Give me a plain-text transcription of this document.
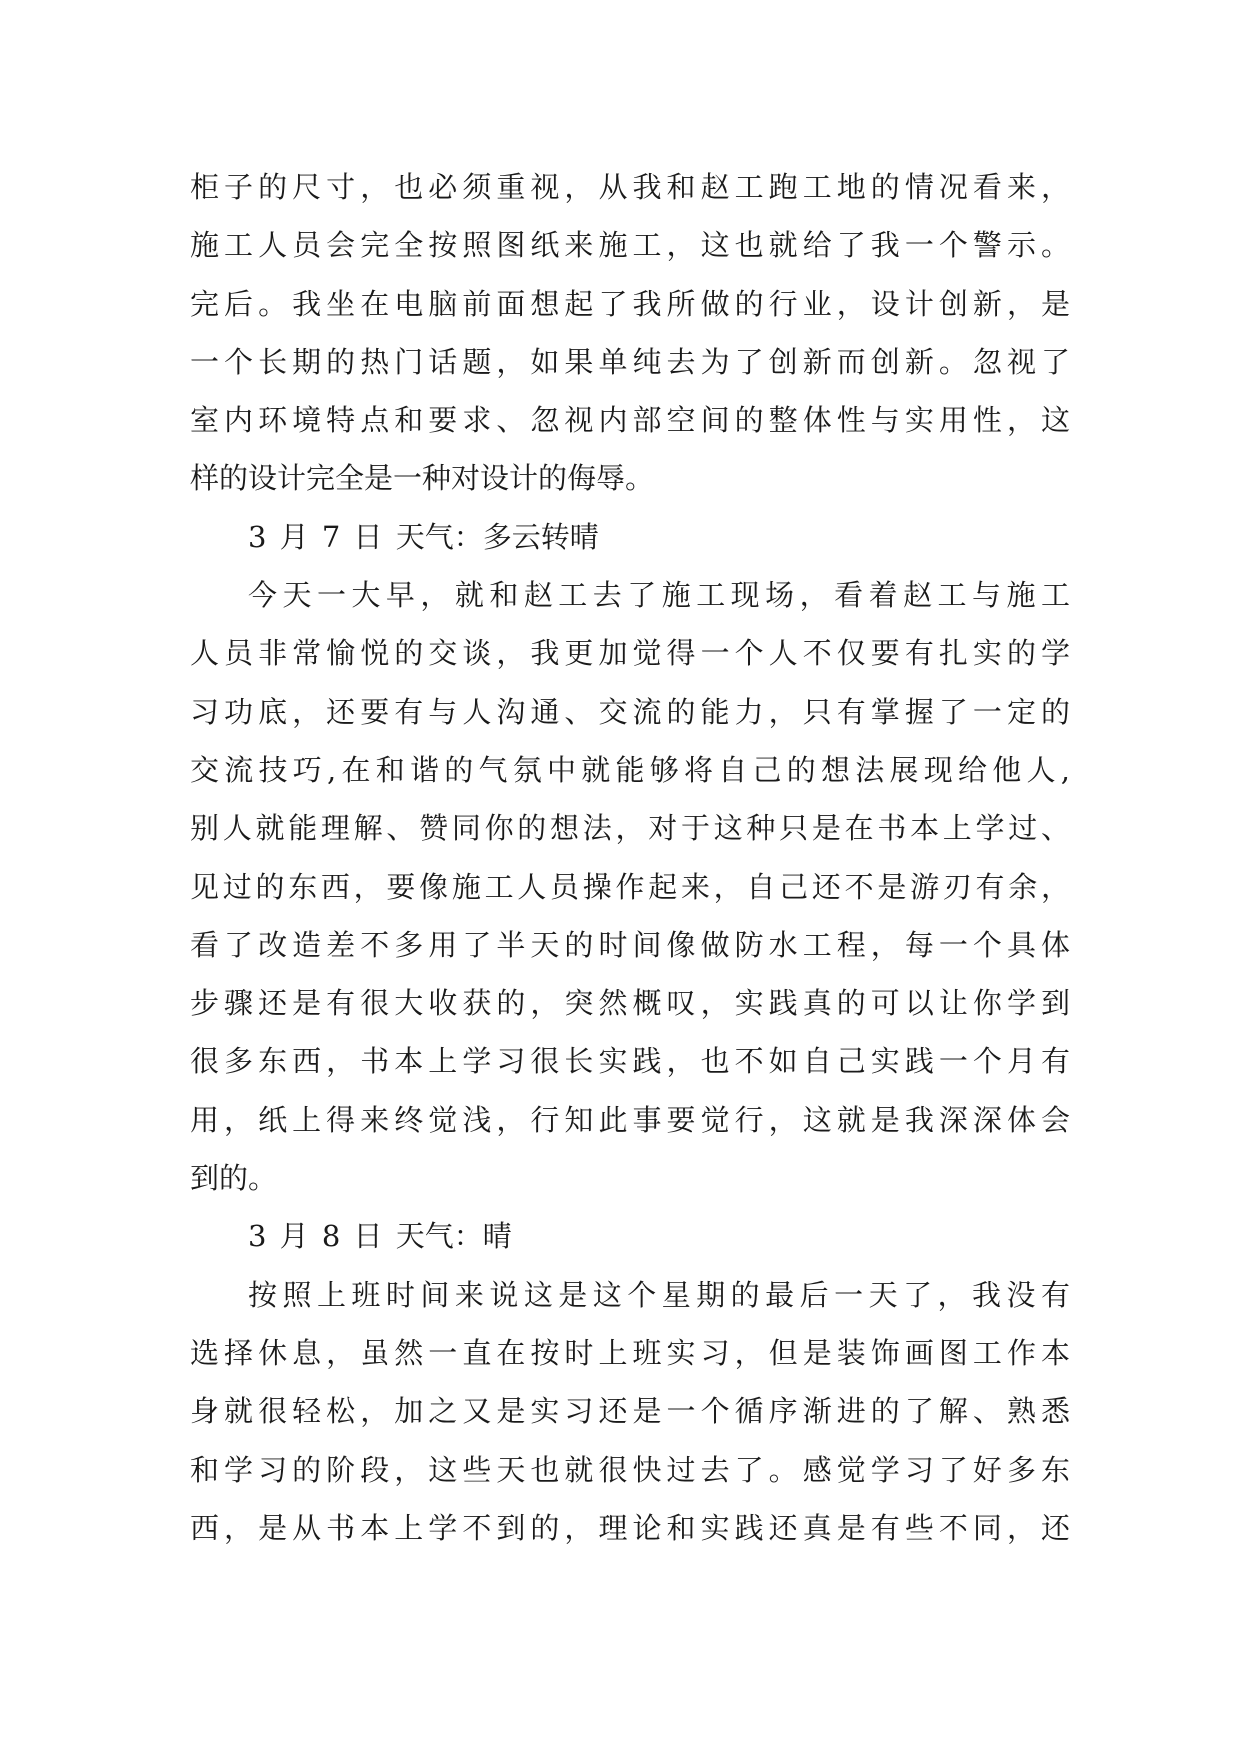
柜子的尺寸，也必须重视，从我和赵工跑工地的情况看来，
施工人员会完全按照图纸来施工，这也就给了我一个警示。
完后。我坐在电脑前面想起了我所做的行业，设计创新，是
一个长期的热门话题，如果单纯去为了创新而创新。忽视了
室内环境特点和要求、忽视内部空间的整体性与实用性，这
样的设计完全是一种对设计的侮辱。
3 月 7 日 天气：多云转晴
今天一大早，就和赵工去了施工现场，看着赵工与施工
人员非常愉悦的交谈，我更加觉得一个人不仅要有扎实的学
习功底，还要有与人沟通、交流的能力，只有掌握了一定的
交流技巧,在和谐的气氛中就能够将自己的想法展现给他人,
别人就能理解、赞同你的想法，对于这种只是在书本上学过、
见过的东西，要像施工人员操作起来，自己还不是游刃有余，
看了改造差不多用了半天的时间像做防水工程，每一个具体
步骤还是有很大收获的，突然概叹，实践真的可以让你学到
很多东西，书本上学习很长实践，也不如自己实践一个月有
用，纸上得来终觉浅，行知此事要觉行，这就是我深深体会
到的。
3 月 8 日 天气：晴
按照上班时间来说这是这个星期的最后一天了，我没有
选择休息，虽然一直在按时上班实习，但是装饰画图工作本
身就很轻松，加之又是实习还是一个循序渐进的了解、熟悉
和学习的阶段，这些天也就很快过去了。感觉学习了好多东
西，是从书本上学不到的，理论和实践还真是有些不同，还
